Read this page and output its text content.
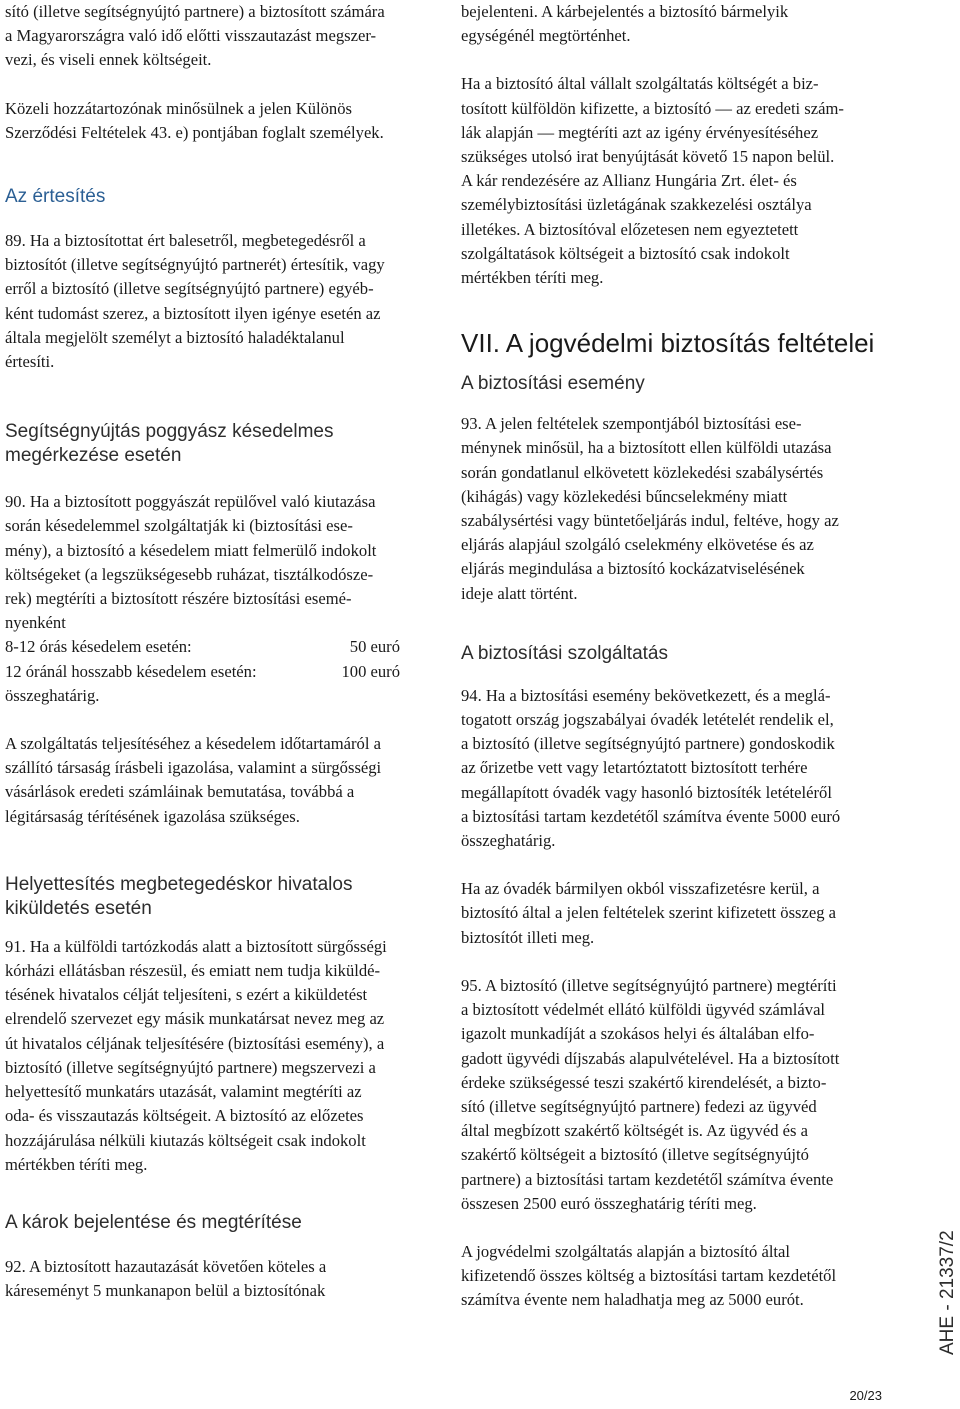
sító (illetve segítségnyújtó partnere) a biztosított számára
a Magyarországra való idő előtti visszautazást megszer-
vezi, és viseli ennek költségeit.

Közeli hozzátartozónak minősülnek a jelen Különös
Szerződési Feltételek 43. e) pontjában foglalt személyek.

Az értesítés

89. Ha a biztosítottat ért balesetről, megbetegedésről a
biztosítót (illetve segítségnyújtó partnerét) értesítik, vagy
erről a biztosító (illetve segítségnyújtó partnere) egyéb-
ként tudomást szerez, a biztosított ilyen igénye esetén az
általa megjelölt személyt a biztosító haladéktalanul
értesíti.

Segítségnyújtás poggyász késedelmes
megérkezése esetén

90. Ha a biztosított poggyászát repülővel való kiutazása
során késedelemmel szolgáltatják ki (biztosítási ese-
mény), a biztosító a késedelem miatt felmerülő indokolt
költségeket (a legszükségesebb ruházat, tisztálkodósze-
rek) megtéríti a biztosított részére biztosítási esemé-
nyenként

8-12 órás késedelem esetén:	50 euró
12 óránál hosszabb késedelem esetén:	100 euró

összeghatárig.

A szolgáltatás teljesítéséhez a késedelem időtartamáról a
szállító társaság írásbeli igazolása, valamint a sürgősségi
vásárlások eredeti számláinak bemutatása, továbbá a
légitársaság térítésének igazolása szükséges.

Helyettesítés megbetegedéskor hivatalos
kiküldetés esetén

91. Ha a külföldi tartózkodás alatt a biztosított sürgősségi
kórházi ellátásban részesül, és emiatt nem tudja kiküldé-
tésének hivatalos célját teljesíteni, s ezért a kiküldetést
elrendelő szervezet egy másik munkatársat nevez meg az
út hivatalos céljának teljesítésére (biztosítási esemény), a
biztosító (illetve segítségnyújtó partnere) megszervezi a
helyettesítő munkatárs utazását, valamint megtéríti az
oda- és visszautazás költségeit. A biztosító az előzetes
hozzájárulása nélküli kiutazás költségeit csak indokolt
mértékben téríti meg.

A károk bejelentése és megtérítése

92. A biztosított hazautazását követően köteles a
káreseményt 5 munkanapon belül a biztosítónak

bejelenteni. A kárbejelentés a biztosító bármelyik
egységénél megtörténhet.

Ha a biztosító által vállalt szolgáltatás költségét a biz-
tosított külföldön kifizette, a biztosító — az eredeti szám-
lák alapján — megtéríti azt az igény érvényesítéséhez
szükséges utolsó irat benyújtását követő 15 napon belül.
A kár rendezésére az Allianz Hungária Zrt. élet- és
személybiztosítási üzletágának szakkezelési osztálya
illetékes. A biztosítóval előzetesen nem egyeztetett
szolgáltatások költségeit a biztosító csak indokolt
mértékben téríti meg.

VII. A jogvédelmi biztosítás feltételei

A biztosítási esemény

93. A jelen feltételek szempontjából biztosítási ese-
ménynek minősül, ha a biztosított ellen külföldi utazása
során gondatlanul elkövetett közlekedési szabálysértés
(kihágás) vagy közlekedési bűncselekmény miatt
szabálysértési vagy büntetőeljárás indul, feltéve, hogy az
eljárás alapjául szolgáló cselekmény elkövetése és az
eljárás megindulása a biztosító kockázatviselésének
ideje alatt történt.

A biztosítási szolgáltatás

94. Ha a biztosítási esemény bekövetkezett, és a meglá-
togatott ország jogszabályai óvadék letételét rendelik el,
a biztosító (illetve segítségnyújtó partnere) gondoskodik
az őrizetbe vett vagy letartóztatott biztosított terhére
megállapított óvadék vagy hasonló biztosíték letételéről
a biztosítási tartam kezdetétől számítva évente 5000 euró
összeghatárig.

Ha az óvadék bármilyen okból visszafizetésre kerül, a
biztosító által a jelen feltételek szerint kifizetett összeg a
biztosítót illeti meg.

95. A biztosító (illetve segítségnyújtó partnere) megtéríti
a biztosított védelmét ellátó külföldi ügyvéd számlával
igazolt munkadíját a szokásos helyi és általában elfo-
gadott ügyvédi díjszabás alapulvételével. Ha a biztosított
érdeke szükségessé teszi szakértő kirendelését, a bizto-
sító (illetve segítségnyújtó partnere) fedezi az ügyvéd
által megbízott szakértő költségét is. Az ügyvéd és a
szakértő költségeit a biztosító (illetve segítségnyújtó
partnere) a biztosítási tartam kezdetétől számítva évente
összesen 2500 euró összeghatárig téríti meg.

A jogvédelmi szolgáltatás alapján a biztosító által
kifizetendő összes költség a biztosítási tartam kezdetétől
számítva évente nem haladhatja meg az 5000 eurót.	AHE - 21337/2
20/23
